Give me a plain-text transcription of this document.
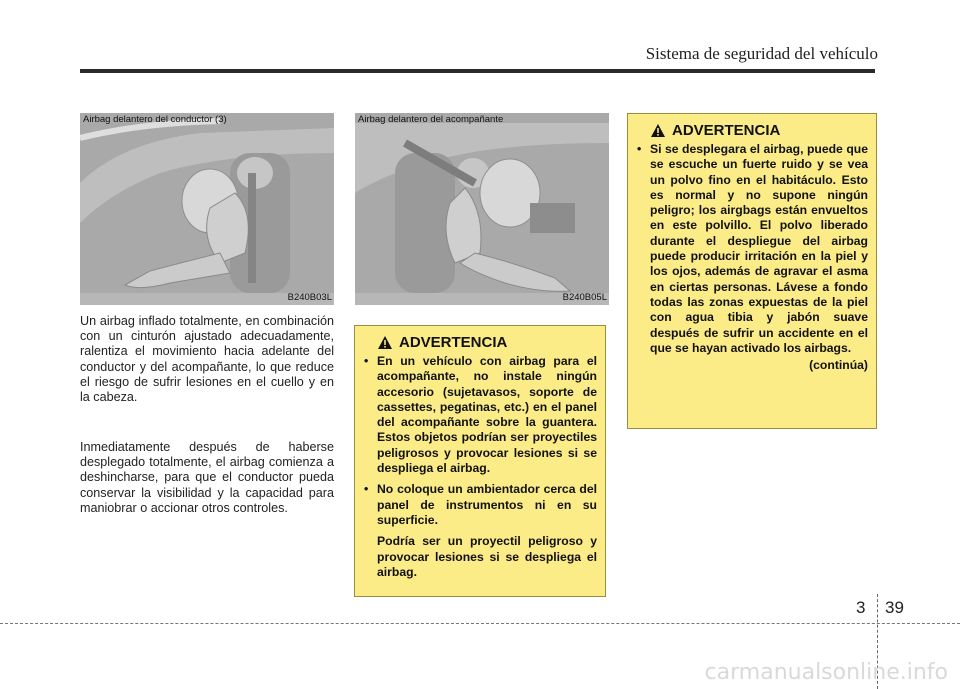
Sistema de seguridad del vehículo
Airbag delantero del conductor (3)
B240B03L
Airbag delantero del acompañante
B240B05L
Un airbag inflado totalmente, en combinación con un cinturón ajustado adecuadamente, ralentiza el movimiento hacia adelante del conductor y del acompañante, lo que reduce el riesgo de sufrir lesiones en el cuello y en la cabeza.
Inmediatamente después de haberse desplegado totalmente, el airbag comienza a deshincharse, para que el conductor pueda conservar la visibilidad y la capacidad para maniobrar o accionar otros controles.
ADVERTENCIA
• En un vehículo con airbag para el acompañante, no instale ningún accesorio (sujetavasos, soporte de cassettes, pegatinas, etc.) en el panel del acompañante sobre la guantera. Estos objetos podrían ser proyectiles peligrosos y provocar lesiones si se despliega el airbag.
• No coloque un ambientador cerca del panel de instrumentos ni en su superficie.
Podría ser un proyectil peligroso y provocar lesiones si se despliega el airbag.
ADVERTENCIA
• Si se desplegara el airbag, puede que se escuche un fuerte ruido y se vea un polvo fino en el habitáculo. Esto es normal y no supone ningún peligro; los airgbags están envueltos en este polvillo. El polvo liberado durante el despliegue del airbag puede producir irritación en la piel y los ojos, además de agravar el asma en ciertas personas. Lávese a fondo todas las zonas expuestas de la piel con agua tibia y jabón suave después de sufrir un accidente en el que se hayan activado los airbags.
(continúa)
3 39
carmanualsonline.info
